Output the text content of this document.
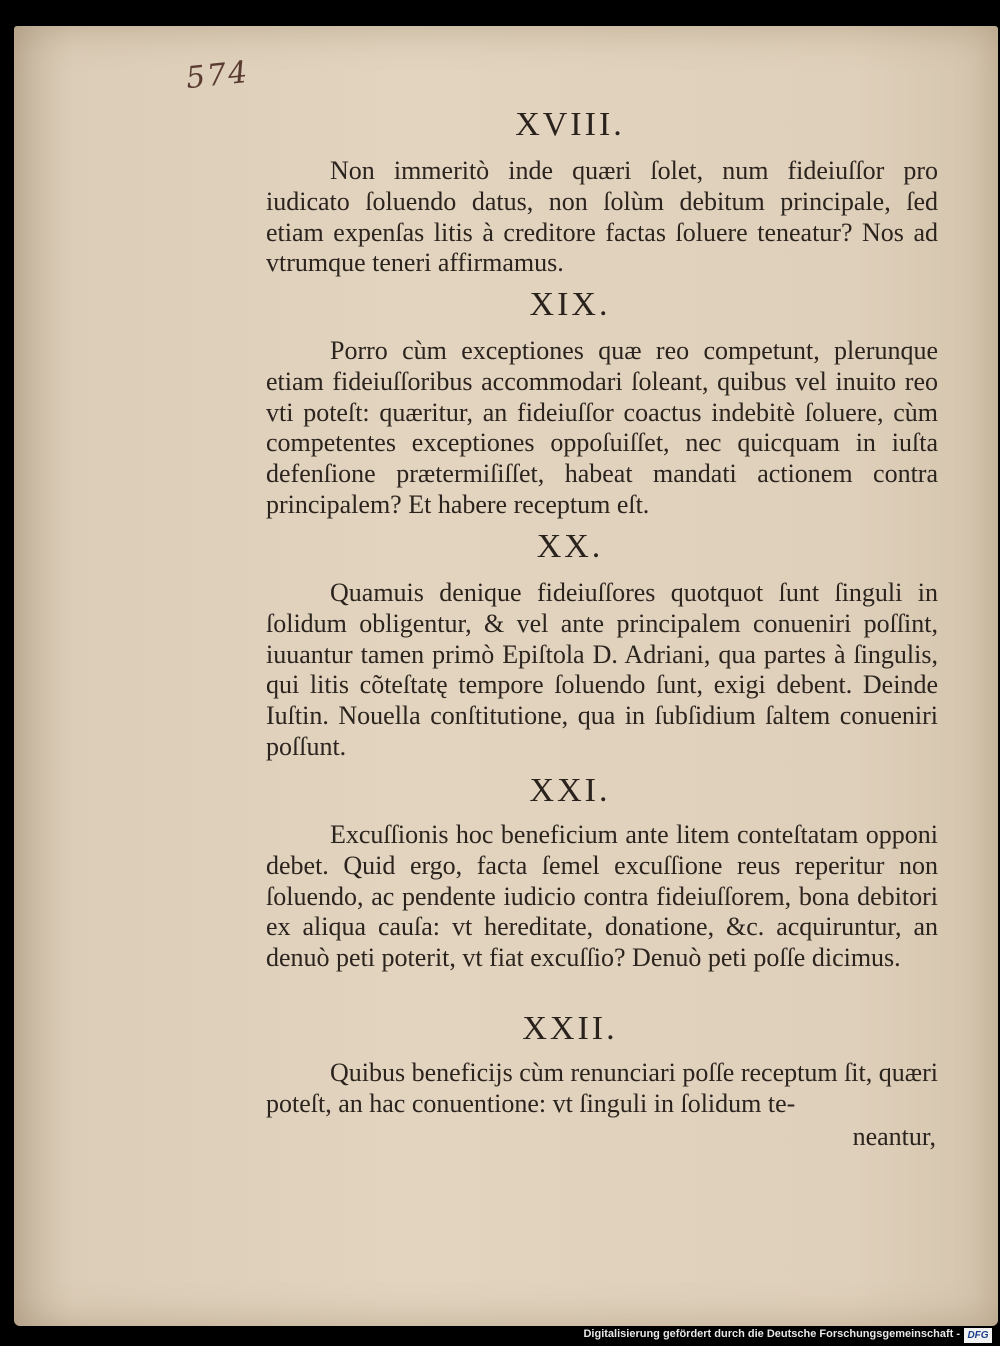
574
XVIII.

Non immeritò inde quæri ſolet, num fideiuſſor pro iudicato ſoluendo datus, non ſolùm debitum principale, ſed etiam expenſas litis à creditore factas ſoluere teneatur? Nos ad vtrumque teneri affirmamus.

XIX.

Porro cùm exceptiones quæ reo competunt, plerunque etiam fideiuſſoribus accommodari ſoleant, quibus vel inuito reo vti poteſt: quæritur, an fideiuſſor coactus indebitè ſoluere, cùm competentes exceptiones oppoſuiſſet, nec quicquam in iuſta defenſione prætermiſiſſet, habeat mandati actionem contra principalem? Et habere receptum eſt.

XX.

Quamuis denique fideiuſſores quotquot ſunt ſinguli in ſolidum obligentur, & vel ante principalem conueniri poſſint, iuuantur tamen primò Epiſtola D. Adriani, qua partes à ſingulis, qui litis cõteſtatę tempore ſoluendo ſunt, exigi debent. Deinde Iuſtin. Nouella conſtitutione, qua in ſubſidium ſaltem conueniri poſſunt.

XXI.

Excuſſionis hoc beneficium ante litem conteſtatam opponi debet. Quid ergo, facta ſemel excuſſione reus reperitur non ſoluendo, ac pendente iudicio contra fideiuſſorem, bona debitori ex aliqua cauſa: vt hereditate, donatione, &c. acquiruntur, an denuò peti poterit, vt fiat excuſſio? Denuò peti poſſe dicimus.

XXII.

Quibus beneficijs cùm renunciari poſſe receptum ſit, quæri poteſt, an hac conuentione: vt ſinguli in ſolidum te-

neantur,
Digitalisierung gefördert durch die Deutsche Forschungsgemeinschaft - DFG
